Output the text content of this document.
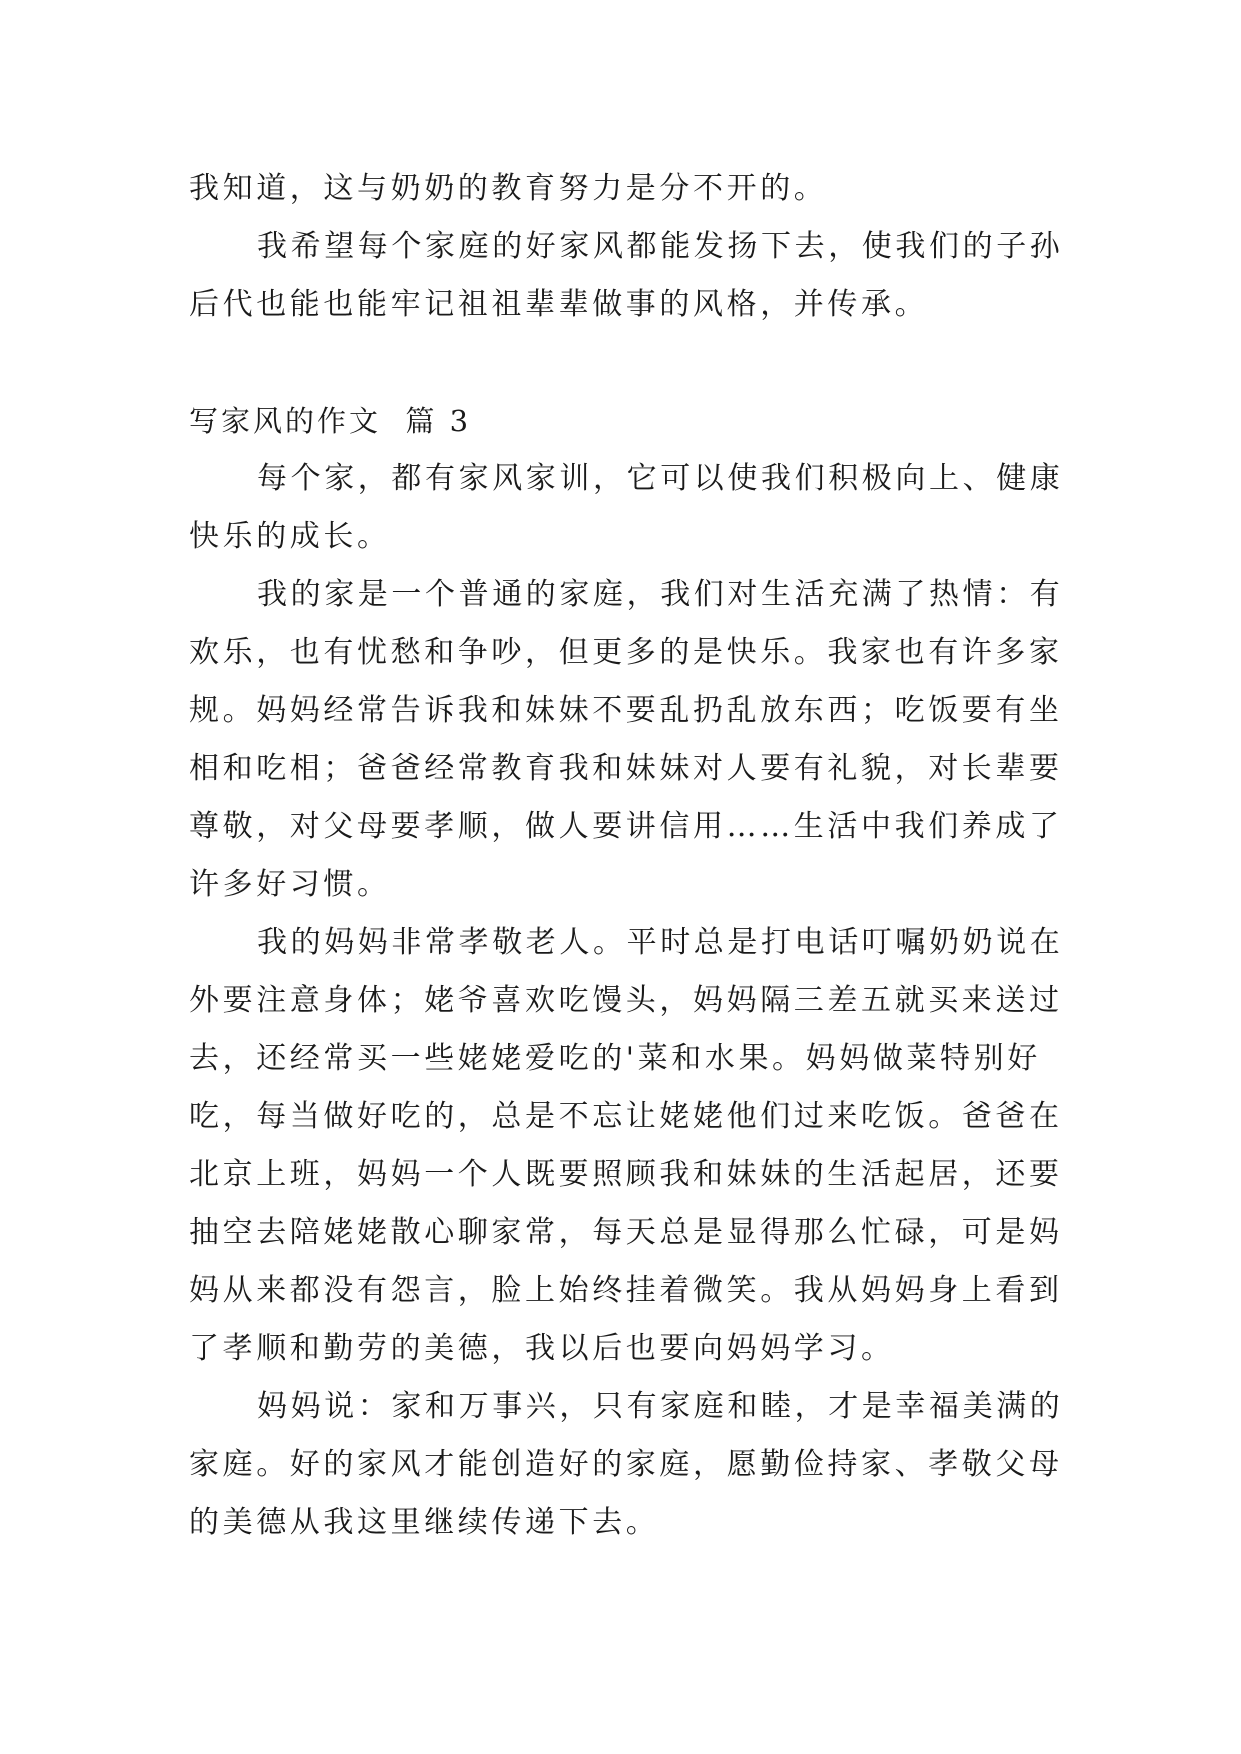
我知道，这与奶奶的教育努力是分不开的。

我希望每个家庭的好家风都能发扬下去，使我们的子孙
后代也能也能牢记祖祖辈辈做事的风格，并传承。

写家风的作文  篇 3

每个家，都有家风家训，它可以使我们积极向上、健康
快乐的成长。

我的家是一个普通的家庭，我们对生活充满了热情：有
欢乐，也有忧愁和争吵，但更多的是快乐。我家也有许多家
规。妈妈经常告诉我和妹妹不要乱扔乱放东西；吃饭要有坐
相和吃相；爸爸经常教育我和妹妹对人要有礼貌，对长辈要
尊敬，对父母要孝顺，做人要讲信用……生活中我们养成了
许多好习惯。

我的妈妈非常孝敬老人。平时总是打电话叮嘱奶奶说在
外要注意身体；姥爷喜欢吃馒头，妈妈隔三差五就买来送过
去，还经常买一些姥姥爱吃的'菜和水果。妈妈做菜特别好
吃，每当做好吃的，总是不忘让姥姥他们过来吃饭。爸爸在
北京上班，妈妈一个人既要照顾我和妹妹的生活起居，还要
抽空去陪姥姥散心聊家常，每天总是显得那么忙碌，可是妈
妈从来都没有怨言，脸上始终挂着微笑。我从妈妈身上看到
了孝顺和勤劳的美德，我以后也要向妈妈学习。

妈妈说：家和万事兴，只有家庭和睦，才是幸福美满的
家庭。好的家风才能创造好的家庭，愿勤俭持家、孝敬父母
的美德从我这里继续传递下去。
